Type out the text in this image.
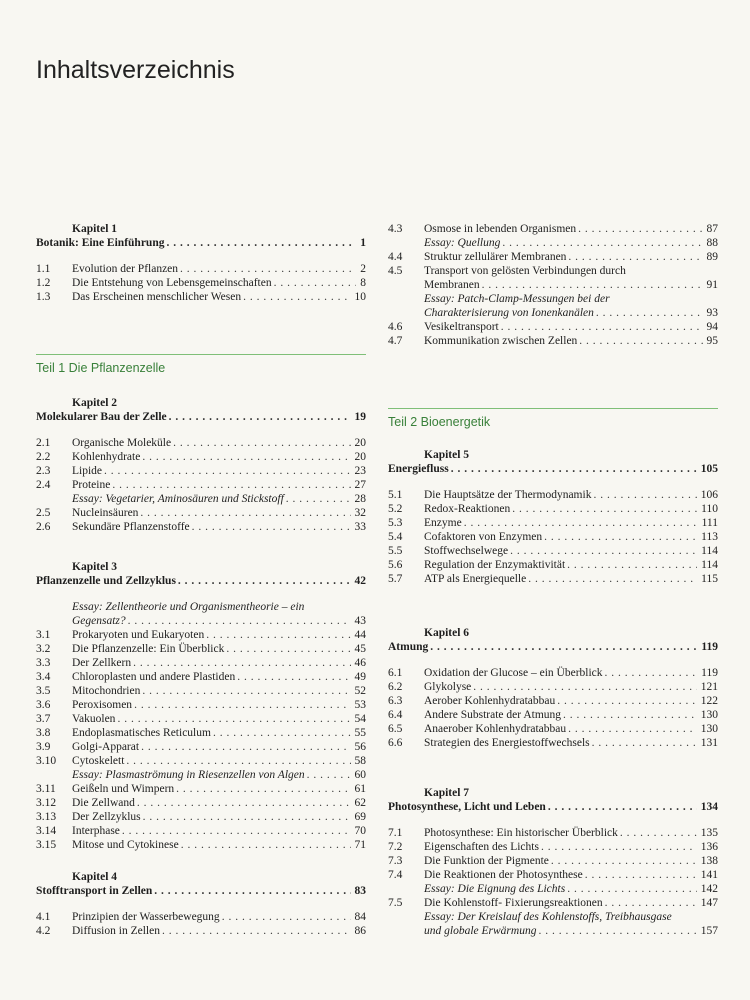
Inhaltsverzeichnis
Kapitel 1
Botanik: Eine Einführung . . .	1
1.1	Evolution der Pflanzen . . .	2
1.2	Die Entstehung von Lebensgemeinschaften . . .	8
1.3	Das Erscheinen menschlicher Wesen . . .	10
Teil 1 Die Pflanzenzelle
Kapitel 2
Molekularer Bau der Zelle . . .	19
2.1	Organische Moleküle . . .	20
2.2	Kohlenhydrate . . .	20
2.3	Lipide . . .	23
2.4	Proteine . . .	27
Essay: Vegetarier, Aminosäuren und Stickstoff . . .	28
2.5	Nucleinsäuren . . .	32
2.6	Sekundäre Pflanzenstoffe . . .	33
Kapitel 3
Pflanzenzelle und Zellzyklus . . .	42
Essay: Zellentheorie und Organismentheorie – ein
Gegensatz? . . .	43
3.1	Prokaryoten und Eukaryoten . . .	44
3.2	Die Pflanzenzelle: Ein Überblick . . .	45
3.3	Der Zellkern . . .	46
3.4	Chloroplasten und andere Plastiden . . .	49
3.5	Mitochondrien . . .	52
3.6	Peroxisomen . . .	53
3.7	Vakuolen . . .	54
3.8	Endoplasmatisches Reticulum . . .	55
3.9	Golgi-Apparat . . .	56
3.10	Cytoskelett . . .	58
Essay: Plasmaströmung in Riesenzellen von Algen . . .	60
3.11	Geißeln und Wimpern . . .	61
3.12	Die Zellwand . . .	62
3.13	Der Zellzyklus . . .	69
3.14	Interphase . . .	70
3.15	Mitose und Cytokinese . . .	71
Kapitel 4
Stofftransport in Zellen . . .	83
4.1	Prinzipien der Wasserbewegung . . .	84
4.2	Diffusion in Zellen . . .	86
4.3	Osmose in lebenden Organismen . . .	87
Essay: Quellung . . .	88
4.4	Struktur zellulärer Membranen . . .	89
4.5	Transport von gelösten Verbindungen durch
Membranen . . .	91
Essay: Patch-Clamp-Messungen bei der
Charakterisierung von Ionenkanälen . . .	93
4.6	Vesikeltransport . . .	94
4.7	Kommunikation zwischen Zellen . . .	95
Teil 2 Bioenergetik
Kapitel 5
Energiefluss . . .	105
5.1	Die Hauptsätze der Thermodynamik . . .	106
5.2	Redox-Reaktionen . . .	110
5.3	Enzyme . . .	111
5.4	Cofaktoren von Enzymen . . .	113
5.5	Stoffwechselwege . . .	114
5.6	Regulation der Enzymaktivität . . .	114
5.7	ATP als Energiequelle . . .	115
Kapitel 6
Atmung . . .	119
6.1	Oxidation der Glucose – ein Überblick . . .	119
6.2	Glykolyse . . .	121
6.3	Aerober Kohlenhydratabbau . . .	122
6.4	Andere Substrate der Atmung . . .	130
6.5	Anaerober Kohlenhydratabbau . . .	130
6.6	Strategien des Energiestoffwechsels . . .	131
Kapitel 7
Photosynthese, Licht und Leben . . .	134
7.1	Photosynthese: Ein historischer Überblick . . .	135
7.2	Eigenschaften des Lichts . . .	136
7.3	Die Funktion der Pigmente . . .	138
7.4	Die Reaktionen der Photosynthese . . .	141
Essay: Die Eignung des Lichts . . .	142
7.5	Die Kohlenstoff- Fixierungsreaktionen . . .	147
Essay: Der Kreislauf des Kohlenstoffs, Treibhausgase
und globale Erwärmung . . .	157
